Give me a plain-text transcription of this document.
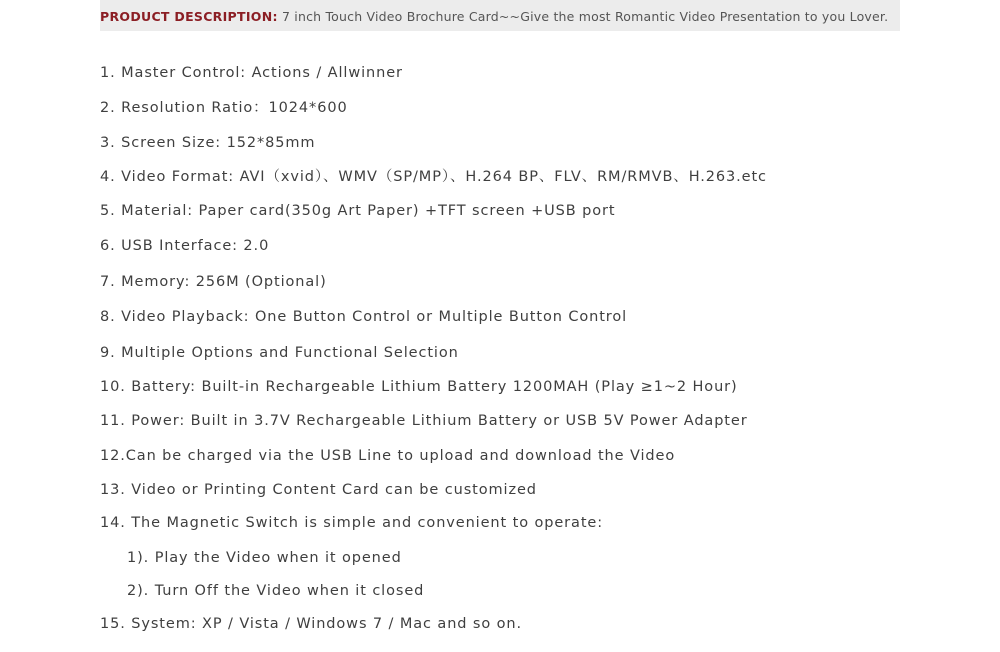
PRODUCT DESCRIPTION: 7 inch Touch Video Brochure Card~~Give the most Romantic Video Presentation to you Lover.
1. Master Control: Actions / Allwinner
2. Resolution Ratio：1024*600
3. Screen Size: 152*85mm
4. Video Format: AVI（xvid）、WMV（SP/MP）、H.264 BP、FLV、RM/RMVB、H.263.etc
5. Material: Paper card(350g Art Paper) +TFT screen +USB port
6. USB Interface: 2.0
7. Memory: 256M (Optional)
8. Video Playback: One Button Control or Multiple Button Control
9. Multiple Options and Functional Selection
10. Battery: Built-in Rechargeable Lithium Battery 1200MAH (Play ≥1~2 Hour)
11. Power: Built in 3.7V Rechargeable Lithium Battery or USB 5V Power Adapter
12.Can be charged via the USB Line to upload and download the Video
13. Video or Printing Content Card can be customized
14. The Magnetic Switch is simple and convenient to operate:
1). Play the Video when it opened
2). Turn Off the Video when it closed
15. System: XP / Vista / Windows 7 / Mac and so on.
